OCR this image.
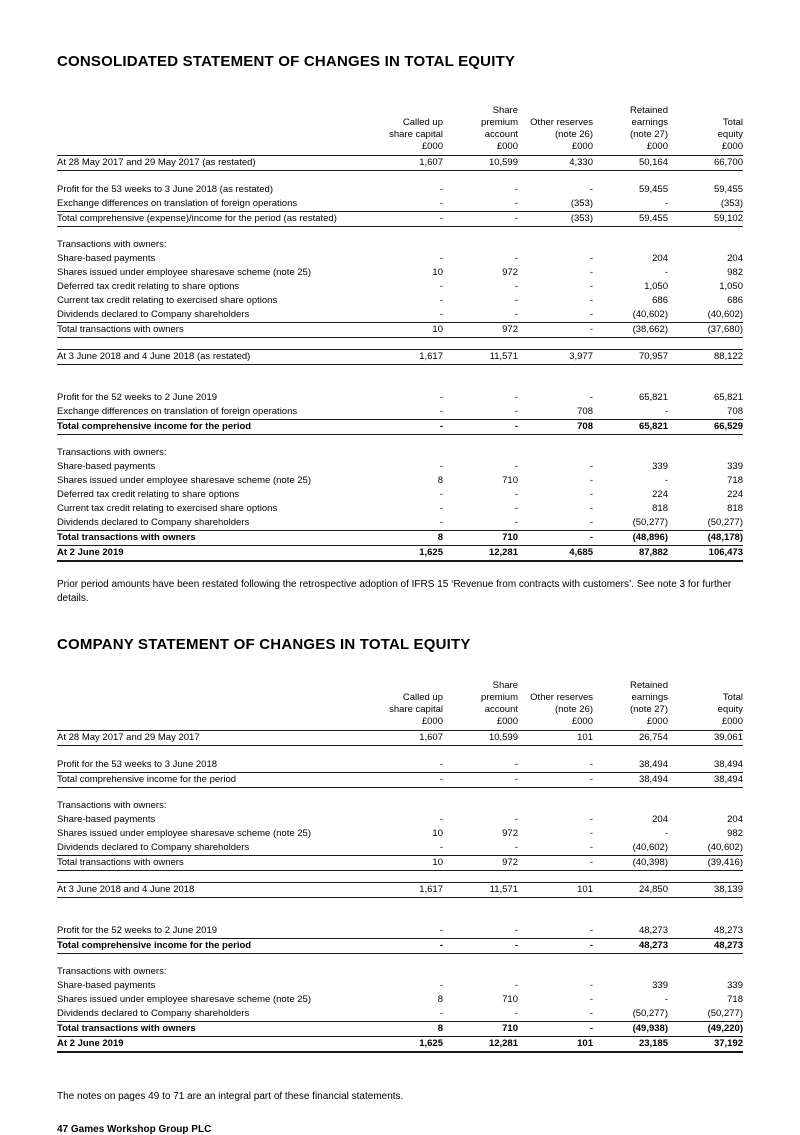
CONSOLIDATED STATEMENT OF CHANGES IN TOTAL EQUITY

Called up
share capital
£000

Share
premium
account
£000

Other reserves
(note 26)
£000

Retained
earnings
(note 27)
£000

Total
equity
£000

At 28 May 2017 and 29 May 2017 (as restated)	1,607	10,599	4,330	50,164	66,700

Profit for the 53 weeks to 3 June 2018 (as restated)	-	-	-	59,455	59,455
Exchange differences on translation of foreign operations	-	-	(353)	-	(353)
Total comprehensive (expense)/income for the period (as restated)	-	-	(353)	59,455	59,102

Transactions with owners:					
Share-based payments	-	-	-	204	204
Shares issued under employee sharesave scheme (note 25)	10	972	-	-	982
Deferred tax credit relating to share options	-	-	-	1,050	1,050
Current tax credit relating to exercised share options	-	-	-	686	686
Dividends declared to Company shareholders	-	-	-	(40,602)	(40,602)
Total transactions with owners	10	972	-	(38,662)	(37,680)

At 3 June 2018 and 4 June 2018 (as restated)	1,617	11,571	3,977	70,957	88,122

Profit for the 52 weeks to 2 June 2019	-	-	-	65,821	65,821
Exchange differences on translation of foreign operations	-	-	708	-	708
Total comprehensive income for the period	-	-	708	65,821	66,529

Transactions with owners:					
Share-based payments	-	-	-	339	339
Shares issued under employee sharesave scheme (note 25)	8	710	-	-	718
Deferred tax credit relating to share options	-	-	-	224	224
Current tax credit relating to exercised share options	-	-	-	818	818
Dividends declared to Company shareholders	-	-	-	(50,277)	(50,277)
Total transactions with owners	8	710	-	(48,896)	(48,178)
At 2 June 2019	1,625	12,281	4,685	87,882	106,473

Prior period amounts have been restated following the retrospective adoption of IFRS 15 ‘Revenue from contracts with customers’. See note 3 for further details.

COMPANY STATEMENT OF CHANGES IN TOTAL EQUITY

Called up
share capital
£000

Share
premium
account
£000

Other reserves
(note 26)
£000

Retained
earnings
(note 27)
£000

Total
equity
£000

At 28 May 2017 and 29 May 2017	1,607	10,599	101	26,754	39,061

Profit for the 53 weeks to 3 June 2018	-	-	-	38,494	38,494
Total comprehensive income for the period	-	-	-	38,494	38,494

Transactions with owners:					
Share-based payments	-	-	-	204	204
Shares issued under employee sharesave scheme (note 25)	10	972	-	-	982
Dividends declared to Company shareholders	-	-	-	(40,602)	(40,602)
Total transactions with owners	10	972	-	(40,398)	(39,416)

At 3 June 2018 and 4 June 2018	1,617	11,571	101	24,850	38,139

Profit for the 52 weeks to 2 June 2019	-	-	-	48,273	48,273
Total comprehensive income for the period	-	-	-	48,273	48,273

Transactions with owners:					
Share-based payments	-	-	-	339	339
Shares issued under employee sharesave scheme (note 25)	8	710	-	-	718
Dividends declared to Company shareholders	-	-	-	(50,277)	(50,277)
Total transactions with owners	8	710	-	(49,938)	(49,220)
At 2 June 2019	1,625	12,281	101	23,185	37,192

The notes on pages 49 to 71 are an integral part of these financial statements.

47 Games Workshop Group PLC
